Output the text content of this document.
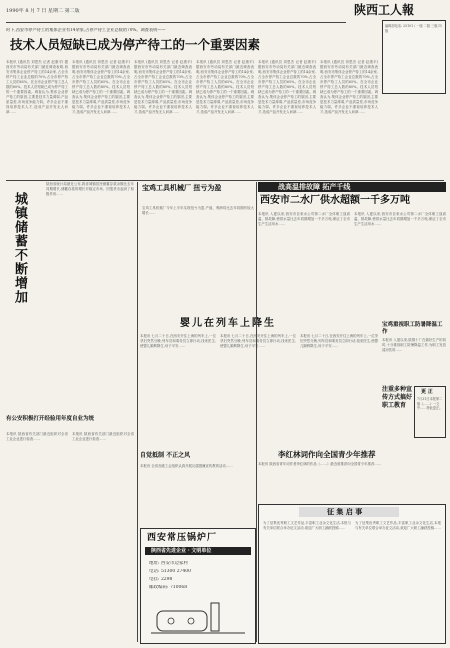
1990年 8 月 7 日 星期二 第二版	陕西工人報
编辑部电话: 25101 / 一版 二版 三版 四版
时下,西安市停产待工的集体企业有14余家,占停产待工企业总数的70%。调查表明——
技术人员短缺已成为停产待工的一个重要因素
本报讯 (通讯员 刘思杰 记者 赵康平) 据西安市劳动局有关部门最近调查表明,西安市集体企业停产待工的14余家,占全市停产待工企业总数的70%,占全市停产待工人员的65%。在全市企业停产待工总人数的80%。技术人员短缺已成为停产待工的一个重要因素。调查认为,集体企业停产待工的原因,主要是技术力量薄弱,产品质量差,市场竞争能力弱。许多企业不重视培养技术人才,造成产品开发无人问津……
本报讯 (通讯员 刘思杰 记者 赵康平) 据西安市劳动局有关部门最近调查表明,西安市集体企业停产待工的14余家,占全市停产待工企业总数的70%,占全市停产待工人员的65%。在全市企业停产待工总人数的80%。技术人员短缺已成为停产待工的一个重要因素。调查认为,集体企业停产待工的原因,主要是技术力量薄弱,产品质量差,市场竞争能力弱。许多企业不重视培养技术人才,造成产品开发无人问津……
本报讯 (通讯员 刘思杰 记者 赵康平) 据西安市劳动局有关部门最近调查表明,西安市集体企业停产待工的14余家,占全市停产待工企业总数的70%,占全市停产待工人员的65%。在全市企业停产待工总人数的80%。技术人员短缺已成为停产待工的一个重要因素。调查认为,集体企业停产待工的原因,主要是技术力量薄弱,产品质量差,市场竞争能力弱。许多企业不重视培养技术人才,造成产品开发无人问津……
本报讯 (通讯员 刘思杰 记者 赵康平) 据西安市劳动局有关部门最近调查表明,西安市集体企业停产待工的14余家,占全市停产待工企业总数的70%,占全市停产待工人员的65%。在全市企业停产待工总人数的80%。技术人员短缺已成为停产待工的一个重要因素。调查认为,集体企业停产待工的原因,主要是技术力量薄弱,产品质量差,市场竞争能力弱。许多企业不重视培养技术人才,造成产品开发无人问津……
本报讯 (通讯员 刘思杰 记者 赵康平) 据西安市劳动局有关部门最近调查表明,西安市集体企业停产待工的14余家,占全市停产待工企业总数的70%,占全市停产待工人员的65%。在全市企业停产待工总人数的80%。技术人员短缺已成为停产待工的一个重要因素。调查认为,集体企业停产待工的原因,主要是技术力量薄弱,产品质量差,市场竞争能力弱。许多企业不重视培养技术人才,造成产品开发无人问津……
本报讯 (通讯员 刘思杰 记者 赵康平) 据西安市劳动局有关部门最近调查表明,西安市集体企业停产待工的14余家,占全市停产待工企业总数的70%,占全市停产待工人员的65%。在全市企业停产待工总人数的80%。技术人员短缺已成为停产待工的一个重要因素。调查认为,集体企业停产待工的原因,主要是技术力量薄弱,产品质量差,市场竞争能力弱。许多企业不重视培养技术人才,造成产品开发无人问津……
城镇储蓄不断增加
陕西省统计局最近公布,我省城镇居民储蓄存款余额比去年同期增长,储蓄存款的增长对稳定市场、回笼货币起到了积极作用……
宝鸡工具机械厂 扭亏为盈
宝鸡工具机械厂今年上半年实现扭亏为盈,产值、利润均比去年同期有较大增长……
婴儿在列车上降生
本报讯 七月二十日,在西安开往上海的列车上,一位孕妇突然分娩,列车员和乘务员立即行动,找来医生,使婴儿顺利降生,母子平安……
本报讯 七月二十日,在西安开往上海的列车上,一位孕妇突然分娩,列车员和乘务员立即行动,找来医生,使婴儿顺利降生,母子平安……
本报讯 七月二十日,在西安开往上海的列车上,一位孕妇突然分娩,列车员和乘务员立即行动,找来医生,使婴儿顺利降生,母子平安……
战高温排故障 拓产千线
西安市二水厂供水超额一千多万吨
本报讯 入夏以来,西安市自来水公司第二水厂全体职工战高温、排故障,使供水量比去年同期增加一千多万吨,保证了全市生产生活用水……
本报讯 入夏以来,西安市自来水公司第二水厂全体职工战高温、排故障,使供水量比去年同期增加一千多万吨,保证了全市生产生活用水……
宝鸡重视职工防暑降温工作
本报讯 入夏以来,陕棉十厂在搞好生产的同时,十分重视职工防暑降温工作,为职工发放清凉饮料……
注重多种宣传方式搞好职工教育
更 正
7月31日本报第二版《……》一文中……特此更正。
李红林词作向全国青少年推荐
本报讯 陕西省青年词作者李红林的作品《……》最近被推荐向全国青少年推荐……
征 集 启 事
为了征集优秀职工文艺作品,丰富职工业余文化生活,本报与有关单位联合举办征文活动,欢迎广大职工踊跃投稿……
为了征集优秀职工文艺作品,丰富职工业余文化生活,本报与有关单位联合举办征文活动,欢迎广大职工踊跃投稿……
有公安积极打开经验用年度自业为统
本报讯 陕西省有关部门最近组织对全省工业企业进行检查……
本报讯 陕西省有关部门最近组织对全省工业企业进行检查……
自觉抵制 不正之风
本报讯 全省各级工会组织认真开展反腐倡廉宣传教育活动……
西安常压锅炉厂
陕西省先进企业 · 文明单位
地址: 西安市边家村
电话: 51300 27400
电挂: 2298
邮政编码: 710068
